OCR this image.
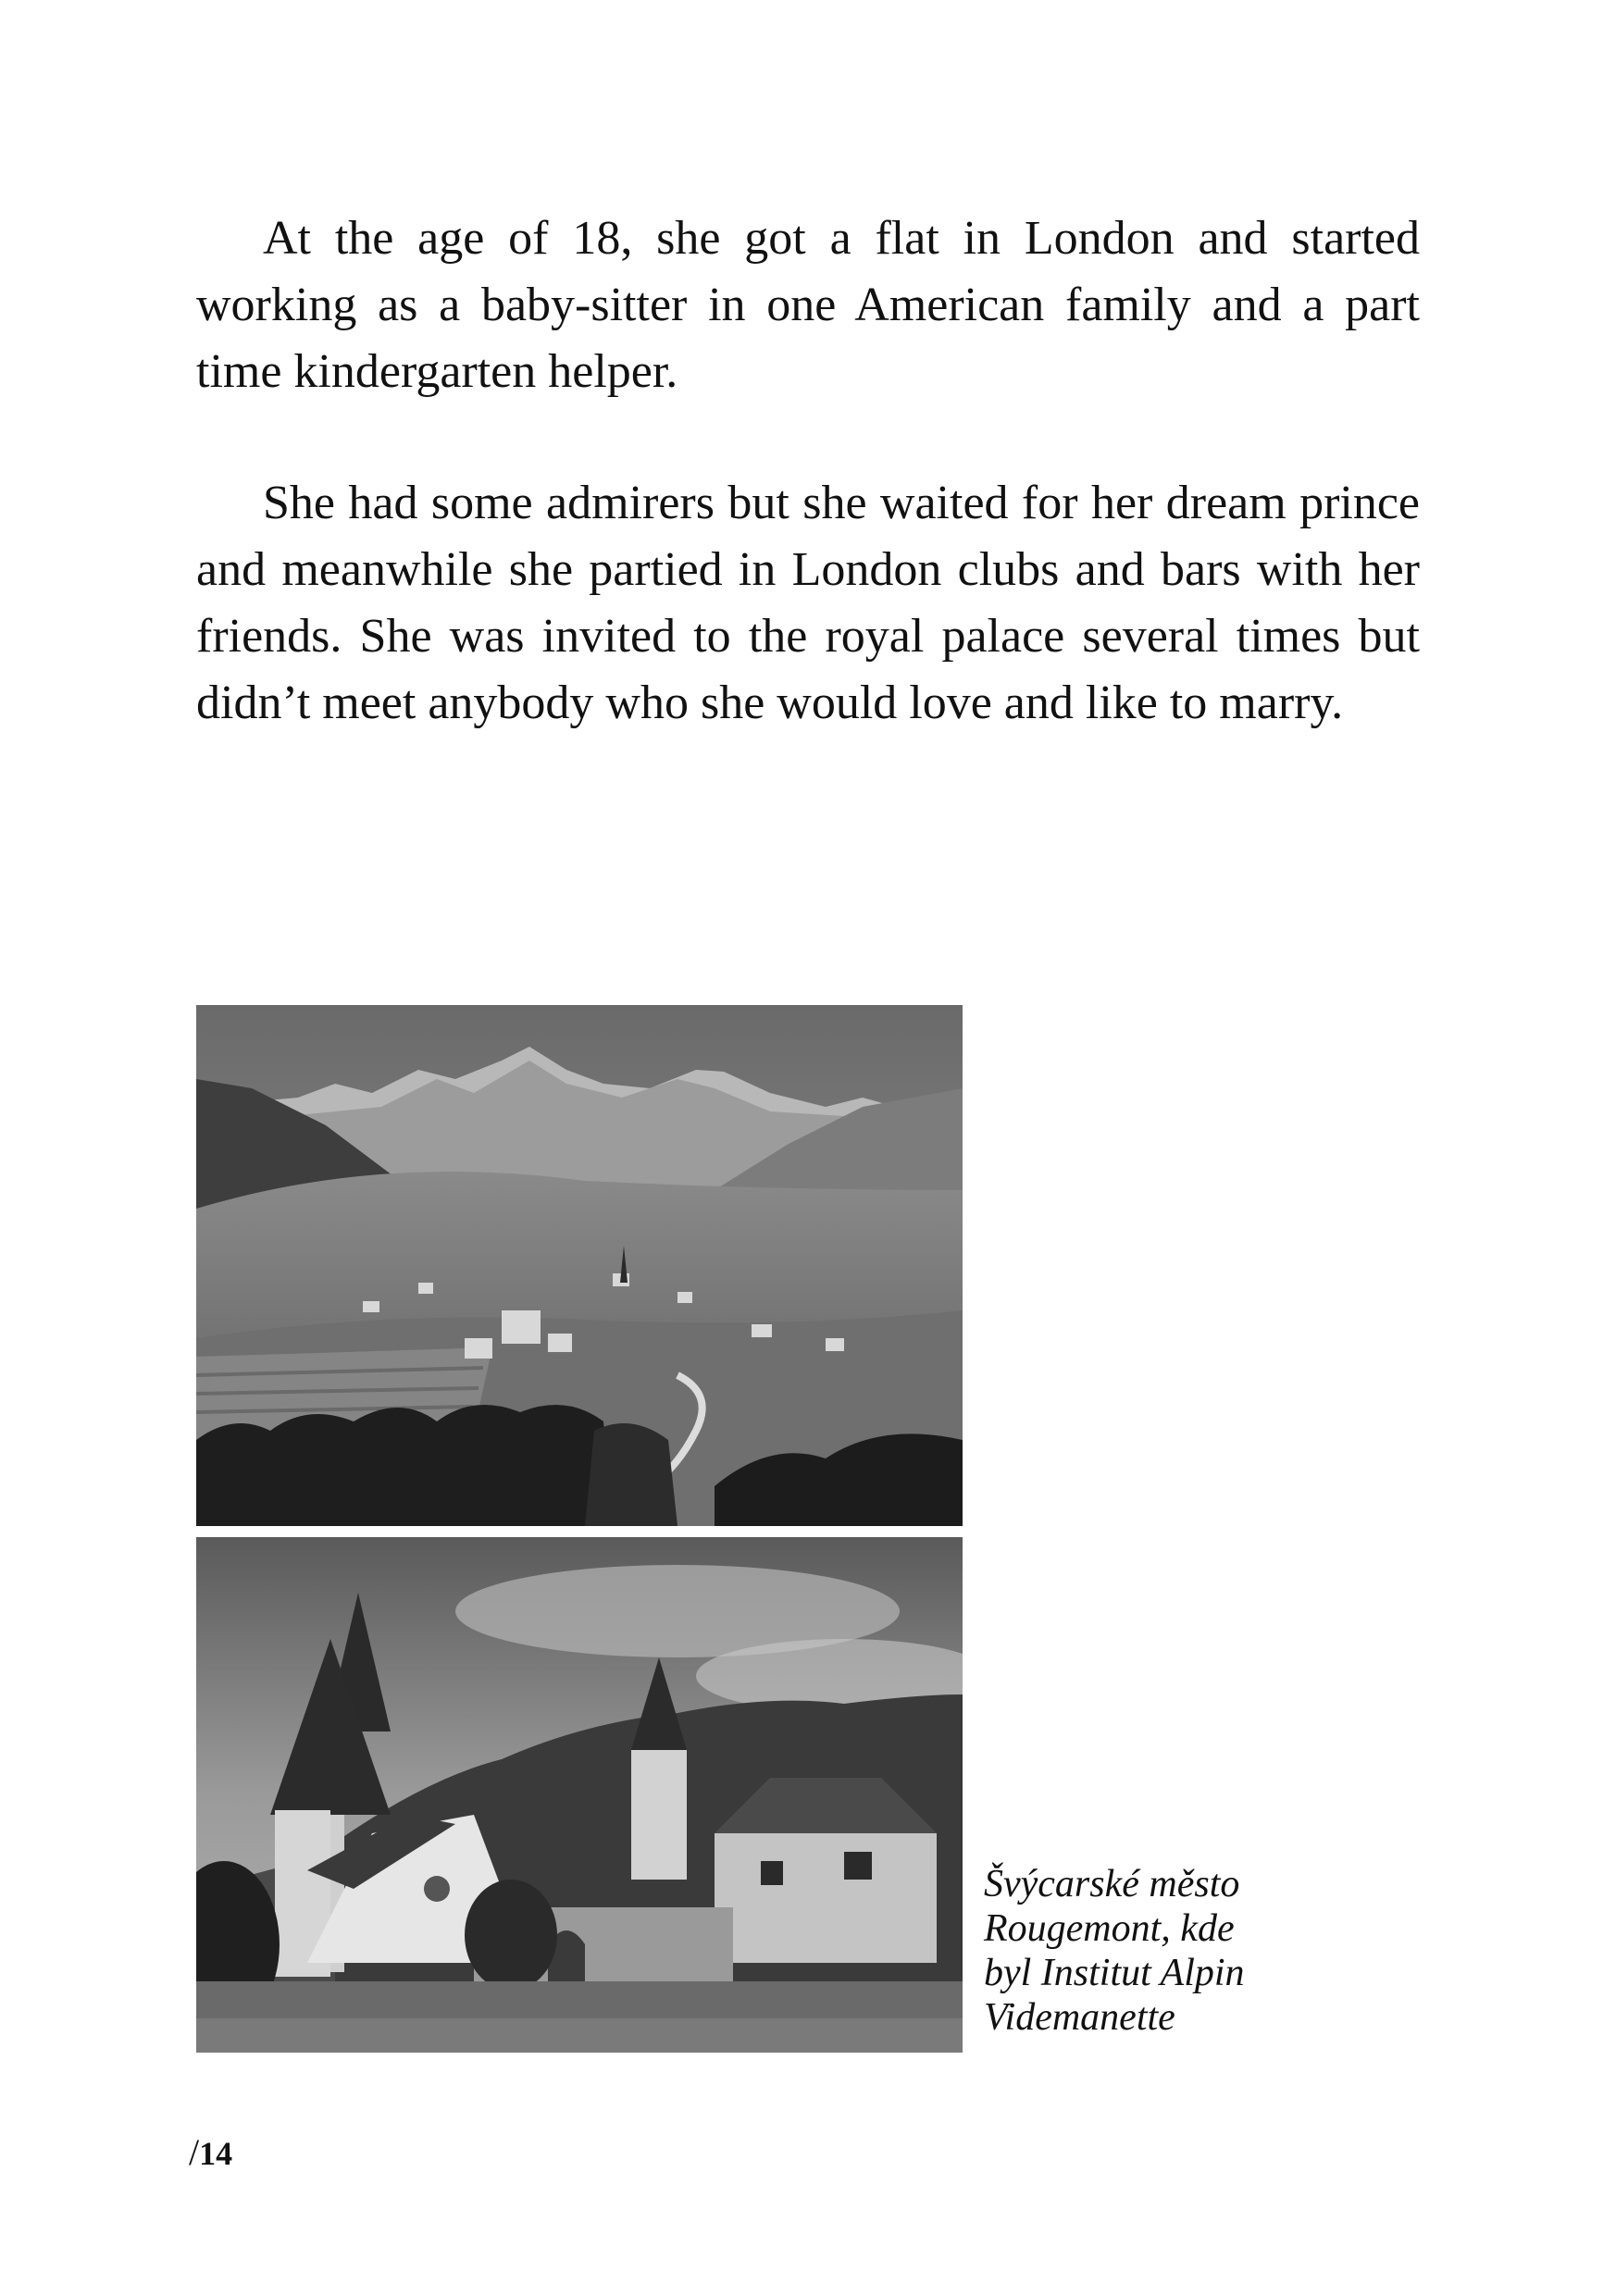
At the age of 18, she got a flat in London and started working as a baby-sitter in one American family and a part time kindergarten helper.

She had some admirers but she waited for her dream prince and meanwhile she partied in London clubs and bars with her friends. She was invited to the royal palace several times but didn’t meet anybody who she would love and like to marry.

Švýcarské město
Rougemont, kde
byl Institut Alpin
Videmanette
/14
